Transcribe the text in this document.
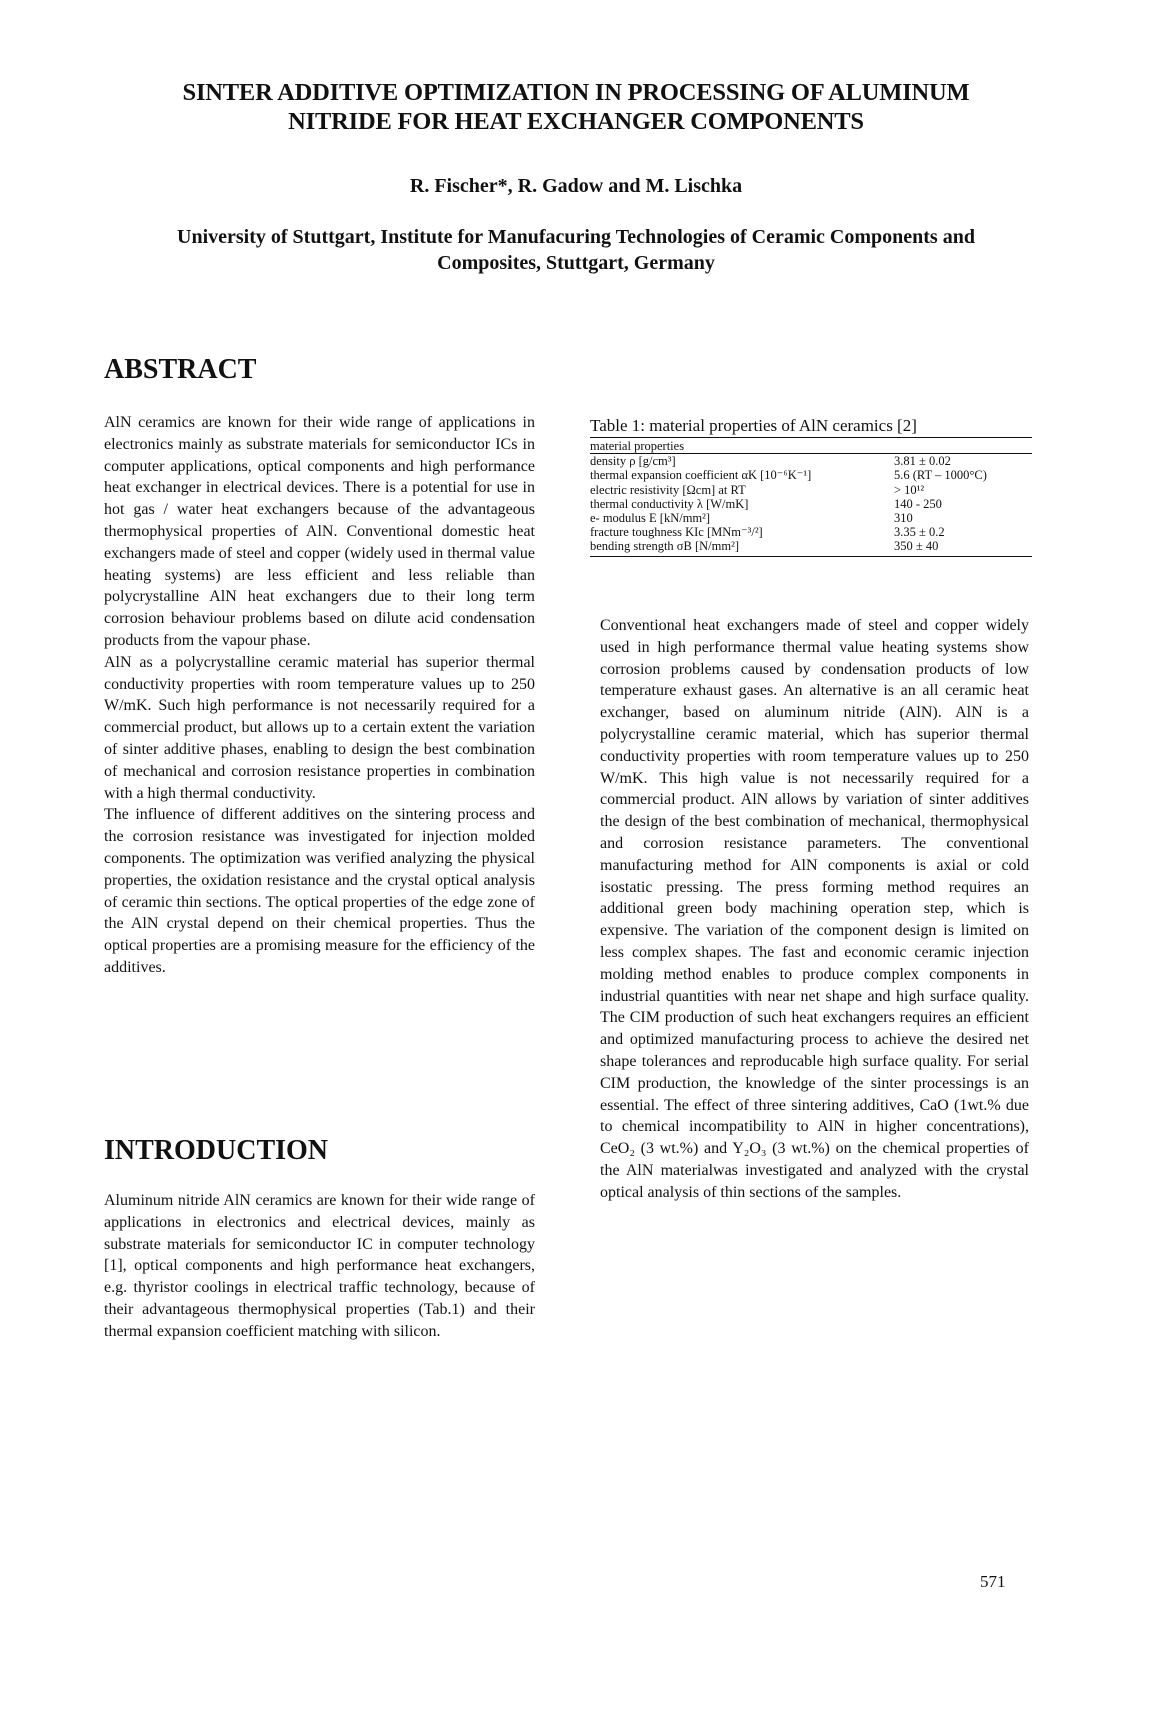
SINTER ADDITIVE OPTIMIZATION IN PROCESSING OF ALUMINUM
NITRIDE FOR HEAT EXCHANGER COMPONENTS
R. Fischer*, R. Gadow and M. Lischka
University of Stuttgart, Institute for Manufacuring Technologies of Ceramic Components and
Composites, Stuttgart, Germany
ABSTRACT

AlN ceramics are known for their wide range of applications in electronics mainly as substrate materials for semiconductor ICs in computer applications, optical components and high performance heat exchanger in electrical devices. There is a potential for use in hot gas / water heat exchangers because of the advantageous thermophysical properties of AlN. Conventional domestic heat exchangers made of steel and copper (widely used in thermal value heating systems) are less efficient and less reliable than polycrystalline AlN heat exchangers due to their long term corrosion behaviour problems based on dilute acid condensation products from the vapour phase.

AlN as a polycrystalline ceramic material has superior thermal conductivity properties with room temperature values up to 250 W/mK. Such high performance is not necessarily required for a commercial product, but allows up to a certain extent the variation of sinter additive phases, enabling to design the best combination of mechanical and corrosion resistance properties in combination with a high thermal conductivity.

The influence of different additives on the sintering process and the corrosion resistance was investigated for injection molded components. The optimization was verified analyzing the physical properties, the oxidation resistance and the crystal optical analysis of ceramic thin sections. The optical properties of the edge zone of the AlN crystal depend on their chemical properties. Thus the optical properties are a promising measure for the efficiency of the additives.

INTRODUCTION

Aluminum nitride AlN ceramics are known for their wide range of applications in electronics and electrical devices, mainly as substrate materials for semiconductor IC in computer technology [1], optical components and high performance heat exchangers, e.g. thyristor coolings in electrical traffic technology, because of their advantageous thermophysical properties (Tab.1) and their thermal expansion coefficient matching with silicon.

Table 1: material properties of AlN ceramics [2]
material properties	
density ρ [g/cm³]	3.81 ± 0.02
thermal expansion coefficient αK [10⁻⁶K⁻¹]	5.6 (RT – 1000°C)
electric resistivity [Ωcm] at RT	> 10¹²
thermal conductivity λ [W/mK]	140 - 250
e- modulus E [kN/mm²]	310
fracture toughness KIc [MNm⁻³/²]	3.35 ± 0.2
bending strength σB [N/mm²]	350 ± 40

Conventional heat exchangers made of steel and copper widely used in high performance thermal value heating systems show corrosion problems caused by condensation products of low temperature exhaust gases. An alternative is an all ceramic heat exchanger, based on aluminum nitride (AlN). AlN is a polycrystalline ceramic material, which has superior thermal conductivity properties with room temperature values up to 250 W/mK. This high value is not necessarily required for a commercial product. AlN allows by variation of sinter additives the design of the best combination of mechanical, thermophysical and corrosion resistance parameters. The conventional manufacturing method for AlN components is axial or cold isostatic pressing. The press forming method requires an additional green body machining operation step, which is expensive. The variation of the component design is limited on less complex shapes. The fast and economic ceramic injection molding method enables to produce complex components in industrial quantities with near net shape and high surface quality. The CIM production of such heat exchangers requires an efficient and optimized manufacturing process to achieve the desired net shape tolerances and reproducable high surface quality. For serial CIM production, the knowledge of the sinter processings is an essential. The effect of three sintering additives, CaO (1wt.% due to chemical incompatibility to AlN in higher concentrations), CeO₂ (3 wt.%) and Y₂O₃ (3 wt.%) on the chemical properties of the AlN materialwas investigated and analyzed with the crystal optical analysis of thin sections of the samples.

571
